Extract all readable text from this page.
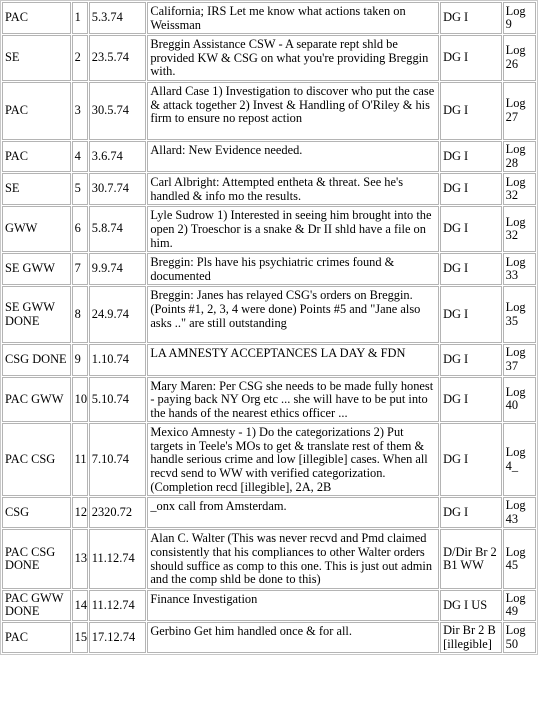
PAC	1	5.3.74	California; IRS Let me know what actions taken on Weissman	DG I	Log 9
SE	2	23.5.74	Breggin Assistance CSW - A separate rept shld be provided KW & CSG on what you're providing Breggin with.	DG I	Log 26
PAC	3	30.5.74	Allard Case 1) Investigation to discover who put the case & attack together 2) Invest & Handling of O'Riley & his firm to ensure no repost action	DG I	Log 27
PAC	4	3.6.74	Allard: New Evidence needed.	DG I	Log 28
SE	5	30.7.74	Carl Albright: Attempted entheta & threat. See he's handled & info mo the results.	DG I	Log 32
GWW	6	5.8.74	Lyle Sudrow 1) Interested in seeing him brought into the open 2) Troeschor is a snake & Dr II shld have a file on him.	DG I	Log 32
SE GWW	7	9.9.74	Breggin: Pls have his psychiatric crimes found & documented	DG I	Log 33
SE GWW DONE	8	24.9.74	Breggin: Janes has relayed CSG's orders on Breggin. (Points #1, 2, 3, 4 were done) Points #5 and "Jane also asks .." are still outstanding	DG I	Log 35
CSG DONE	9	1.10.74	LA AMNESTY ACCEPTANCES LA DAY & FDN	DG I	Log 37
PAC GWW	10	5.10.74	Mary Maren: Per CSG she needs to be made fully honest - paying back NY Org etc ... she will have to be put into the hands of the nearest ethics officer ...	DG I	Log 40
PAC CSG	11	7.10.74	Mexico Amnesty - 1) Do the categorizations 2) Put targets in Teele's MOs to get & translate rest of them & handle serious crime and low [illegible] cases. When all recvd send to WW with verified categorization. (Completion recd [illegible], 2A, 2B	DG I	Log 4_
CSG	12	2320.72	_onx call from Amsterdam.	DG I	Log 43
PAC CSG DONE	13	11.12.74	Alan C. Walter (This was never recvd and Pmd claimed consistently that his compliances to other Walter orders should suffice as comp to this one. This is just out admin and the comp shld be done to this)	D/Dir Br 2 B1 WW	Log 45
PAC GWW DONE	14	11.12.74	Finance Investigation	DG I US	Log 49
PAC	15	17.12.74	Gerbino Get him handled once & for all.	Dir Br 2 B [illegible]	Log 50
